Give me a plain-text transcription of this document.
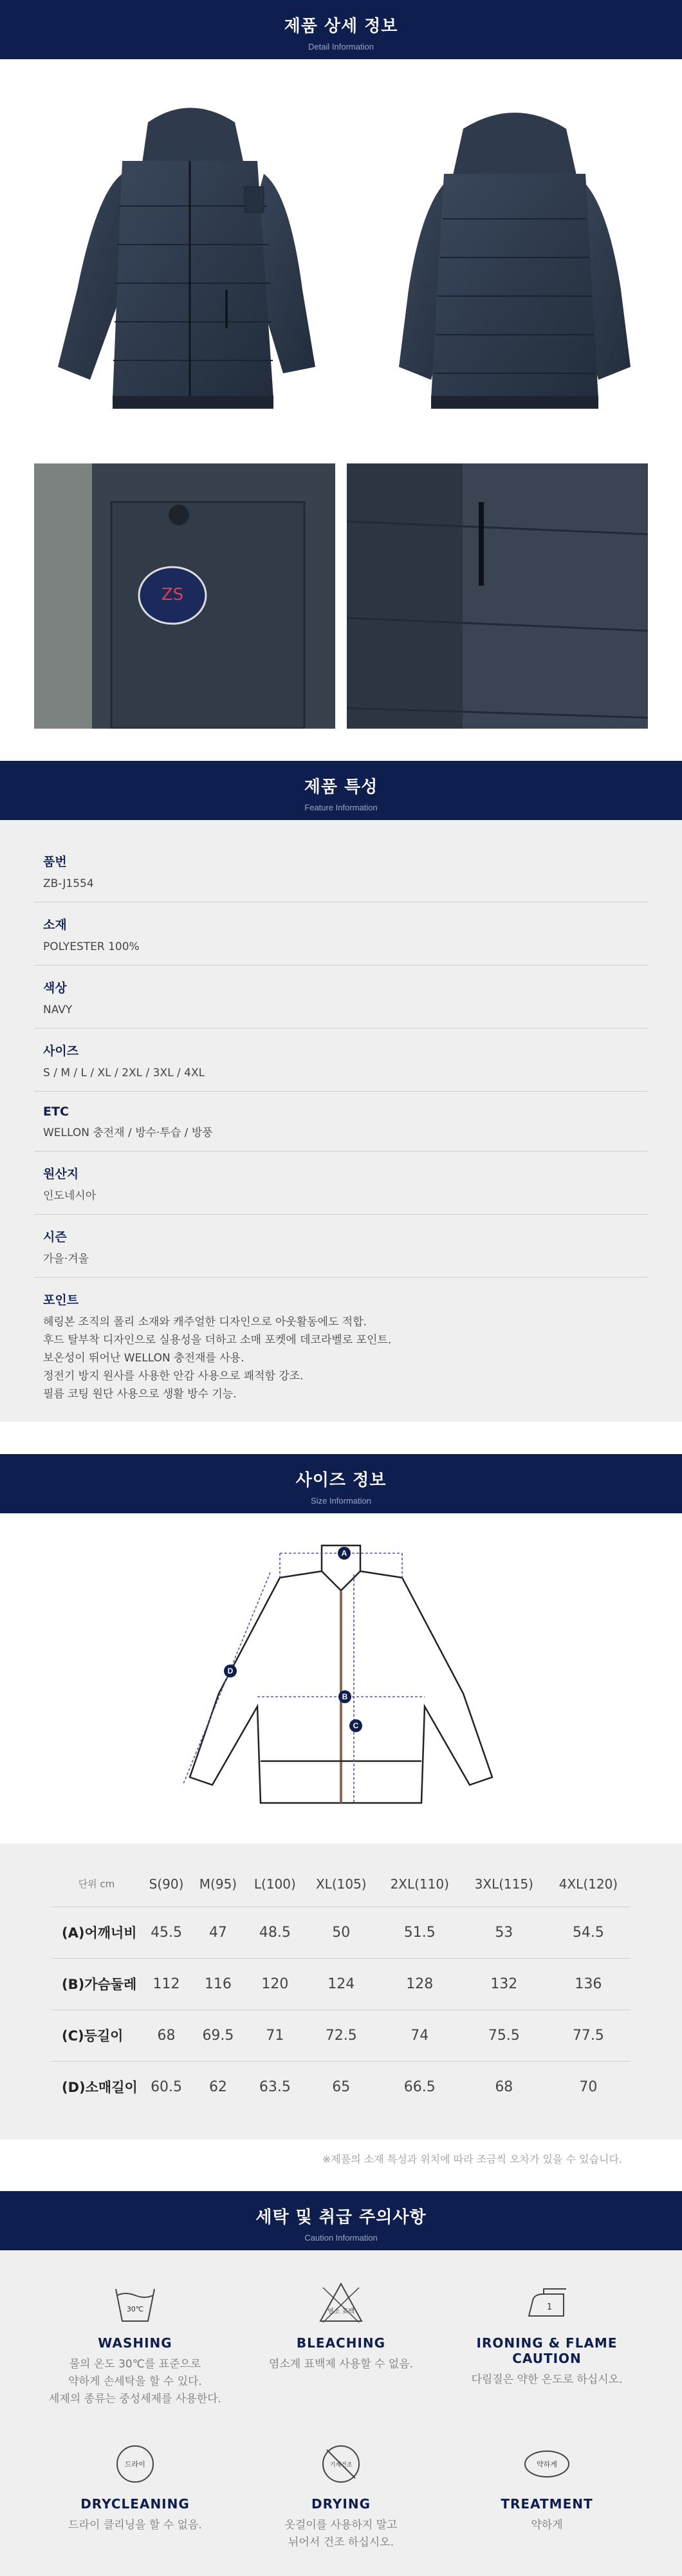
제품 상세 정보
Detail Information
ZS
제품 특성
Feature Information
품번
ZB-J1554
소재
POLYESTER 100%
색상
NAVY
사이즈
S / M / L / XL / 2XL / 3XL / 4XL
ETC
WELLON 충전재 / 방수·투습 / 방풍
원산지
인도네시아
시즌
가을·겨울
포인트
헤링본 조직의 폴리 소재와 캐주얼한 디자인으로 아웃활동에도 적합.
후드 탈부착 디자인으로 실용성을 더하고 소매 포켓에 데코라벨로 포인트.
보온성이 뛰어난 WELLON 충전재를 사용.
정전기 방지 원사를 사용한 안감 사용으로 쾌적함 강조.
필름 코팅 원단 사용으로 생활 방수 기능.
사이즈 정보
Size Information
A
B
C
D
단위 cm	S(90)	M(95)	L(100)	XL(105)	2XL(110)	3XL(115)	4XL(120)
(A)어깨너비	45.5	47	48.5	50	51.5	53	54.5
(B)가슴둘레	112	116	120	124	128	132	136
(C)등길이	68	69.5	71	72.5	74	75.5	77.5
(D)소매길이	60.5	62	63.5	65	66.5	68	70
※제품의 소재 특성과 위치에 따라 조금씩 오차가 있을 수 있습니다.
세탁 및 취급 주의사항
Caution Information
30℃
WASHING
물의 온도 30℃를 표준으로
약하게 손세탁을 할 수 있다.
세제의 종류는 중성세제를 사용한다.
염소 표백
BLEACHING
염소계 표백제 사용할 수 없음.
1
IRONING & FLAME CAUTION
다림질은 약한 온도로 하십시오.
드라이
DRYCLEANING
드라이 클리닝을 할 수 없음.
기계건조
DRYING
옷걸이를 사용하지 말고
뉘어서 건조 하십시오.
약하게
TREATMENT
약하게
